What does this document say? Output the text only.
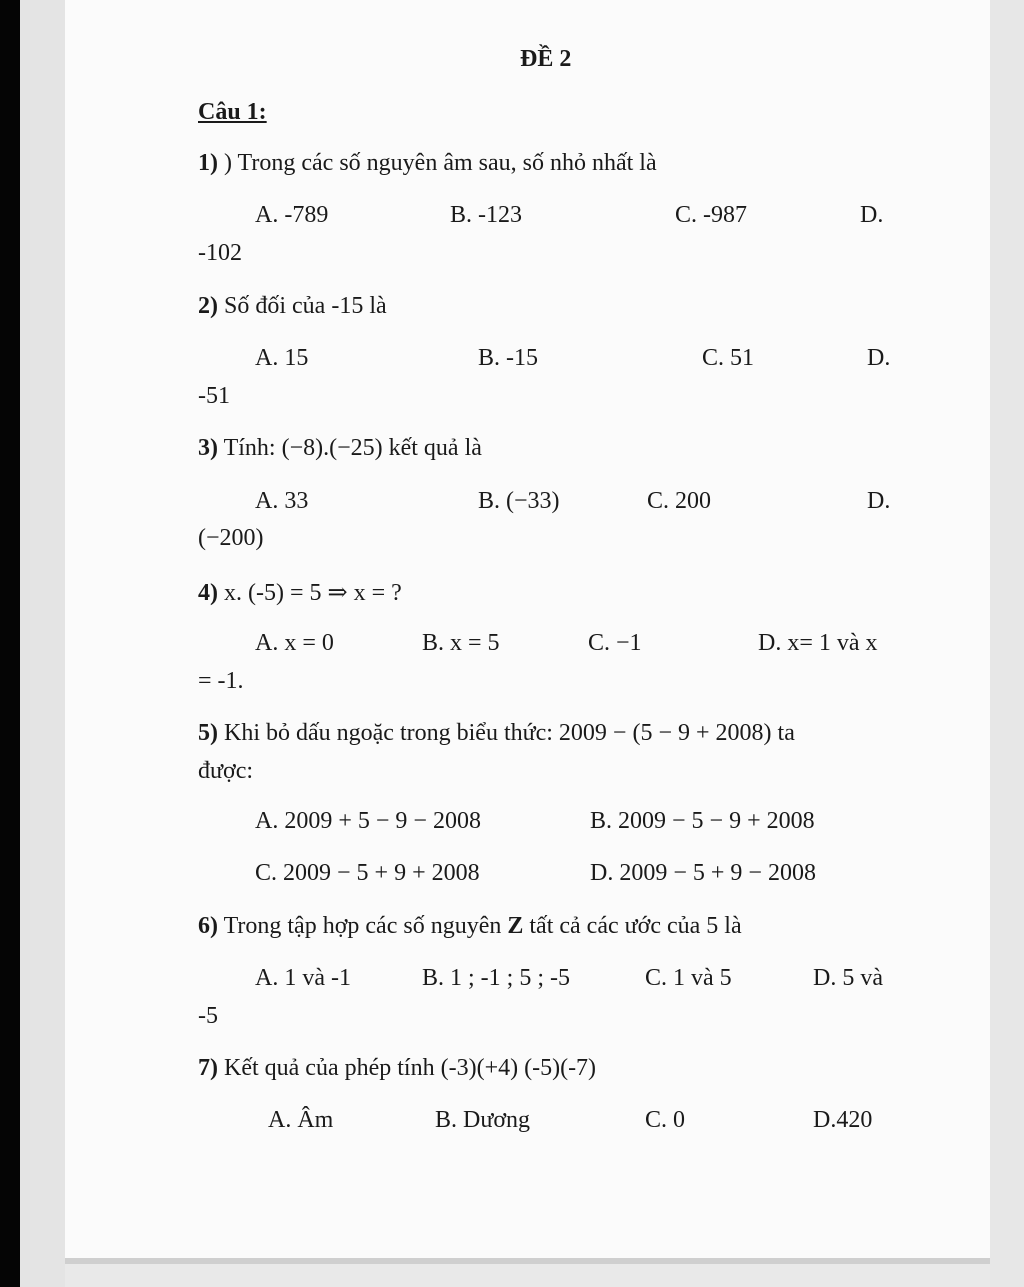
ĐỀ 2
Câu 1:
1) ) Trong các số nguyên âm sau, số nhỏ nhất là
A. -789	B. -123	C. -987	D.
-102
2) Số đối của -15 là
A. 15	B. -15	C. 51	D.
-51
3) Tính: (−8).(−25) kết quả là
A. 33	B. (−33)	C. 200	D.
(−200)
4) x. (-5) = 5 ⇒ x = ?
A. x = 0	B. x = 5	C. −1	D. x= 1 và x
= -1.
5) Khi bỏ dấu ngoặc trong biểu thức: 2009 − (5 − 9 + 2008) ta
được:
A. 2009 + 5 − 9 − 2008	B. 2009 − 5 − 9 + 2008
C. 2009 − 5 + 9 + 2008	D. 2009 − 5 + 9 − 2008
6) Trong tập hợp các số nguyên Z tất cả các ước của 5 là
A. 1 và -1	B. 1 ; -1 ; 5 ; -5	C. 1 và 5	D. 5 và
-5
7) Kết quả của phép tính (-3)(+4) (-5)(-7)
A. Âm	B. Dương	C. 0	D.420
